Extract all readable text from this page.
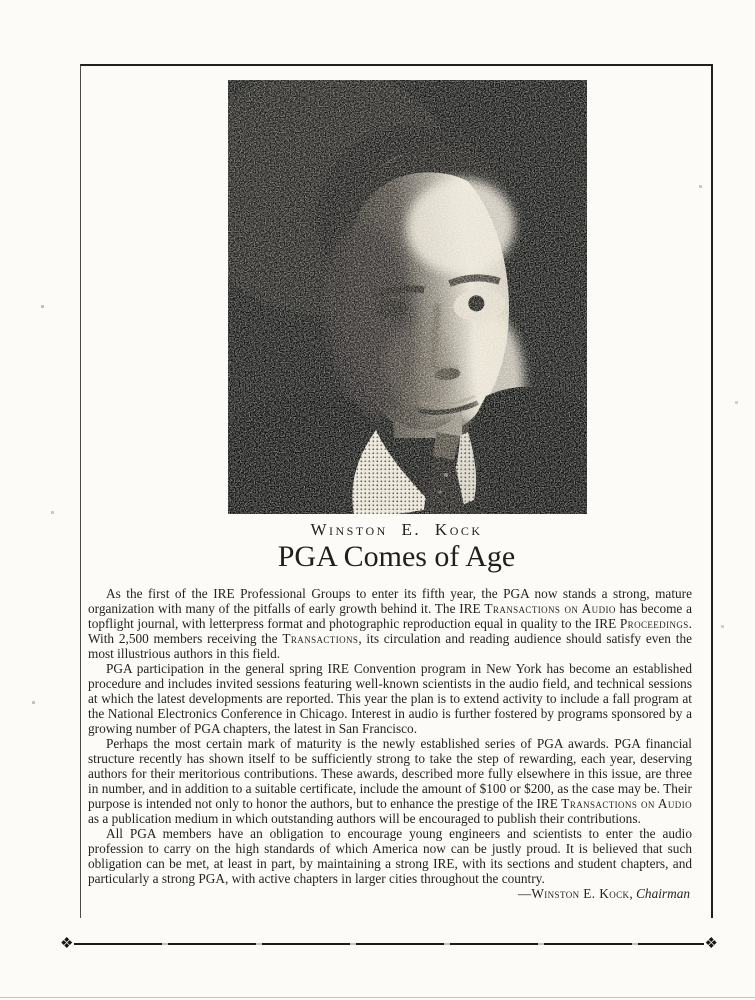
Winston E. Kock
PGA Comes of Age

As the first of the IRE Professional Groups to enter its fifth year, the PGA now stands a strong, mature organization with many of the pitfalls of early growth behind it. The IRE Transactions on Audio has become a topflight journal, with letterpress format and photographic reproduction equal in quality to the IRE Proceedings. With 2,500 members receiving the Transactions, its circulation and reading audience should satisfy even the most illustrious authors in this field.

PGA participation in the general spring IRE Convention program in New York has become an established procedure and includes invited sessions featuring well-known scientists in the audio field, and technical sessions at which the latest developments are reported. This year the plan is to extend activity to include a fall program at the National Electronics Conference in Chicago. Interest in audio is further fostered by programs sponsored by a growing number of PGA chapters, the latest in San Francisco.

Perhaps the most certain mark of maturity is the newly established series of PGA awards. PGA financial structure recently has shown itself to be sufficiently strong to take the step of rewarding, each year, deserving authors for their meritorious contributions. These awards, described more fully elsewhere in this issue, are three in number, and in addition to a suitable certificate, include the amount of $100 or $200, as the case may be. Their purpose is intended not only to honor the authors, but to enhance the prestige of the IRE Transactions on Audio as a publication medium in which outstanding authors will be encouraged to publish their contributions.

All PGA members have an obligation to encourage young engineers and scientists to enter the audio profession to carry on the high standards of which America now can be justly proud. It is believed that such obligation can be met, at least in part, by maintaining a strong IRE, with its sections and student chapters, and particularly a strong PGA, with active chapters in larger cities throughout the country.

—Winston E. Kock, Chairman

❖	❖
